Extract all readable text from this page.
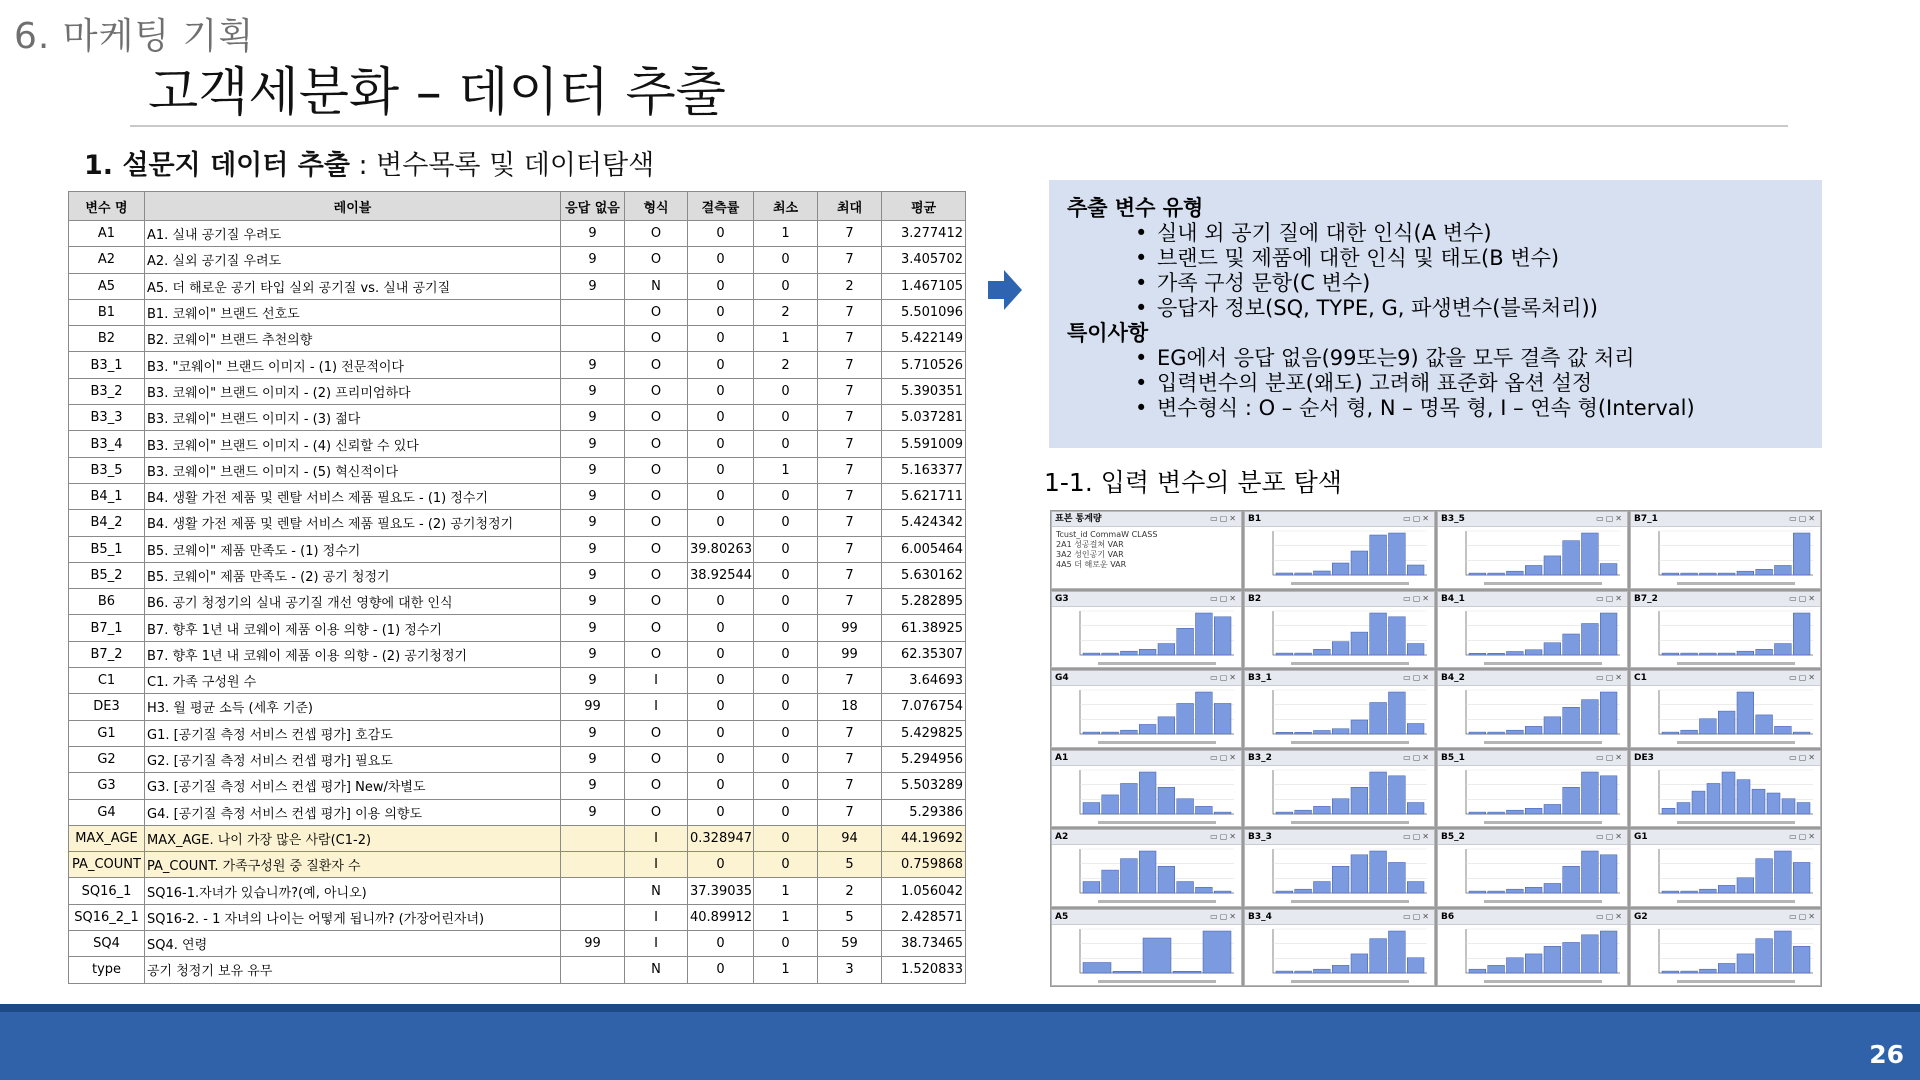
6. 마케팅 기획
고객세분화 – 데이터 추출
1. 설문지 데이터 추출 : 변수목록 및 데이터탐색
변수 명	레이블	응답 없음	형식	결측률	최소	최대	평균
A1	A1. 실내 공기질 우려도	9	O	0	1	7	3.277412
A2	A2. 실외 공기질 우려도	9	O	0	0	7	3.405702
A5	A5. 더 해로운 공기 타입 실외 공기질 vs. 실내 공기질	9	N	0	0	2	1.467105
B1	B1. 코웨이" 브랜드 선호도		O	0	2	7	5.501096
B2	B2. 코웨이" 브랜드 추천의향		O	0	1	7	5.422149
B3_1	B3. "코웨이" 브랜드 이미지 - (1) 전문적이다	9	O	0	2	7	5.710526
B3_2	B3. 코웨이" 브랜드 이미지 - (2) 프리미엄하다	9	O	0	0	7	5.390351
B3_3	B3. 코웨이" 브랜드 이미지 - (3) 젊다	9	O	0	0	7	5.037281
B3_4	B3. 코웨이" 브랜드 이미지 - (4) 신뢰할 수 있다	9	O	0	0	7	5.591009
B3_5	B3. 코웨이" 브랜드 이미지 - (5) 혁신적이다	9	O	0	1	7	5.163377
B4_1	B4. 생활 가전 제품 및 렌탈 서비스 제품 필요도 - (1) 정수기	9	O	0	0	7	5.621711
B4_2	B4. 생활 가전 제품 및 렌탈 서비스 제품 필요도 - (2) 공기청정기	9	O	0	0	7	5.424342
B5_1	B5. 코웨이" 제품 만족도 - (1) 정수기	9	O	39.80263	0	7	6.005464
B5_2	B5. 코웨이" 제품 만족도 - (2) 공기 청정기	9	O	38.92544	0	7	5.630162
B6	B6. 공기 청정기의 실내 공기질 개선 영향에 대한 인식	9	O	0	0	7	5.282895
B7_1	B7. 향후 1년 내 코웨이 제품 이용 의향 - (1) 정수기	9	O	0	0	99	61.38925
B7_2	B7. 향후 1년 내 코웨이 제품 이용 의향 - (2) 공기청정기	9	O	0	0	99	62.35307
C1	C1. 가족 구성원 수	9	I	0	0	7	3.64693
DE3	H3. 월 평균 소득 (세후 기준)	99	I	0	0	18	7.076754
G1	G1. [공기질 측정 서비스 컨셉 평가] 호감도	9	O	0	0	7	5.429825
G2	G2. [공기질 측정 서비스 컨셉 평가] 필요도	9	O	0	0	7	5.294956
G3	G3. [공기질 측정 서비스 컨셉 평가] New/차별도	9	O	0	0	7	5.503289
G4	G4. [공기질 측정 서비스 컨셉 평가] 이용 의향도	9	O	0	0	7	5.29386
MAX_AGE	MAX_AGE. 나이 가장 많은 사람(C1-2)		I	0.328947	0	94	44.19692
PA_COUNT	PA_COUNT. 가족구성원 중 질환자 수		I	0	0	5	0.759868
SQ16_1	SQ16-1.자녀가 있습니까?(예, 아니오)		N	37.39035	1	2	1.056042
SQ16_2_1	SQ16-2. - 1 자녀의 나이는 어떻게 됩니까? (가장어린자녀)		I	40.89912	1	5	2.428571
SQ4	SQ4. 연령	99	I	0	0	59	38.73465
type	공기 청정기 보유 유무		N	0	1	3	1.520833
추출 변수 유형
• 실내 외 공기 질에 대한 인식(A 변수)
• 브랜드 및 제품에 대한 인식 및 태도(B 변수)
• 가족 구성 문항(C 변수)
• 응답자 정보(SQ, TYPE, G, 파생변수(블록처리))
특이사항
• EG에서 응답 없음(99또는9) 값을 모두 결측 값 처리
• 입력변수의 분포(왜도) 고려해 표준화 옵션 설정
• 변수형식 : O – 순서 형, N – 명목 형, I – 연속 형(Interval)
1-1. 입력 변수의 분포 탐색
표본 통계량	▭▢✕
Tcust_id CommaW CLASS
2A1 성공걸쳐 VAR
3A2 성인공기 VAR
4A5 더 해로운 VAR
B1	▭▢✕	B3_5	▭▢✕	B7_1	▭▢✕
G3	▭▢✕	B2	▭▢✕	B4_1	▭▢✕	B7_2	▭▢✕
G4	▭▢✕	B3_1	▭▢✕	B4_2	▭▢✕	C1	▭▢✕
A1	▭▢✕	B3_2	▭▢✕	B5_1	▭▢✕	DE3	▭▢✕
A2	▭▢✕	B3_3	▭▢✕	B5_2	▭▢✕	G1	▭▢✕
A5	▭▢✕	B3_4	▭▢✕	B6	▭▢✕	G2	▭▢✕
26
